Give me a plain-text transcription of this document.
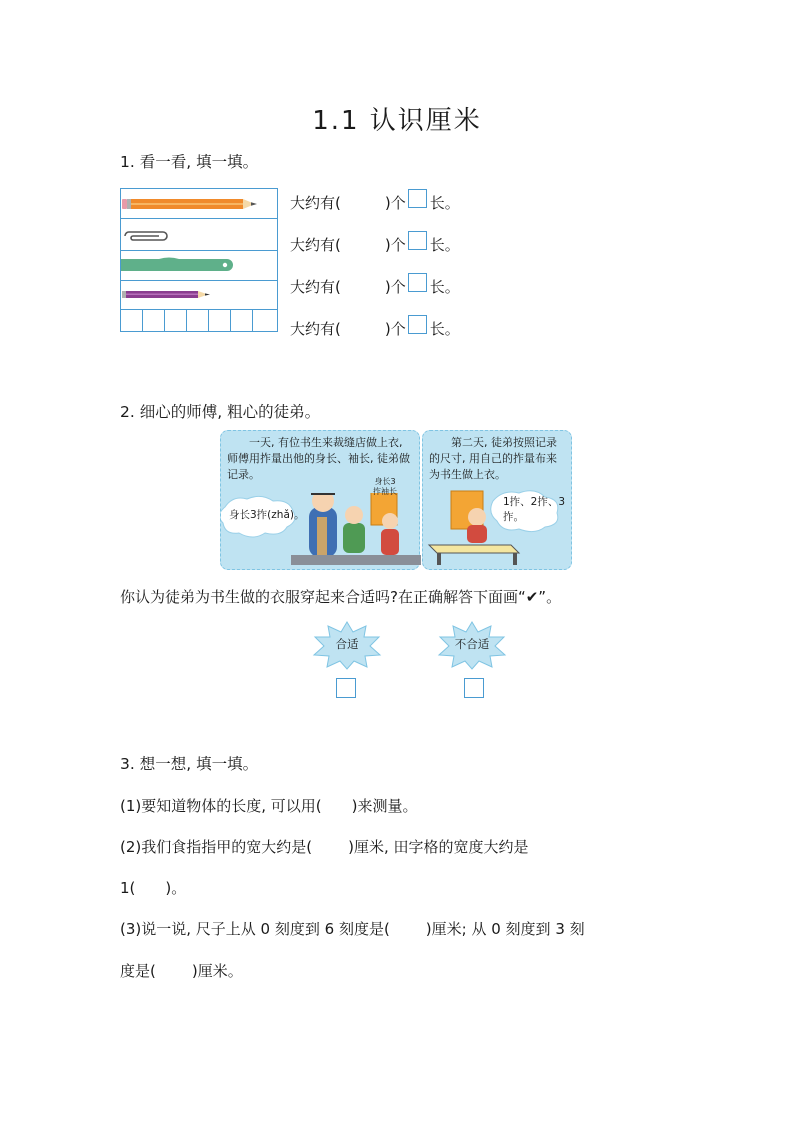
1.1 认识厘米
1. 看一看, 填一填。
大约有(	)个 长。
大约有(	)个 长。
大约有(	)个 长。
大约有(	)个 长。
2. 细心的师傅, 粗心的徒弟。
一天, 有位书生来裁缝店做上衣, 师傅用拃量出他的身长、袖长, 徒弟做记录。
身长3拃(zhǎ)。
身长3拃袖长
第二天, 徒弟按照记录的尺寸, 用自己的拃量布来为书生做上衣。
1拃、2拃、3拃。
你认为徒弟为书生做的衣服穿起来合适吗?在正确解答下面画“✔”。
合适	不合适
3. 想一想, 填一填。
(1)要知道物体的长度, 可以用( )来测量。
(2)我们食指指甲的宽大约是( )厘米, 田字格的宽度大约是
1( )。
(3)说一说, 尺子上从 0 刻度到 6 刻度是( )厘米; 从 0 刻度到 3 刻
度是( )厘米。
